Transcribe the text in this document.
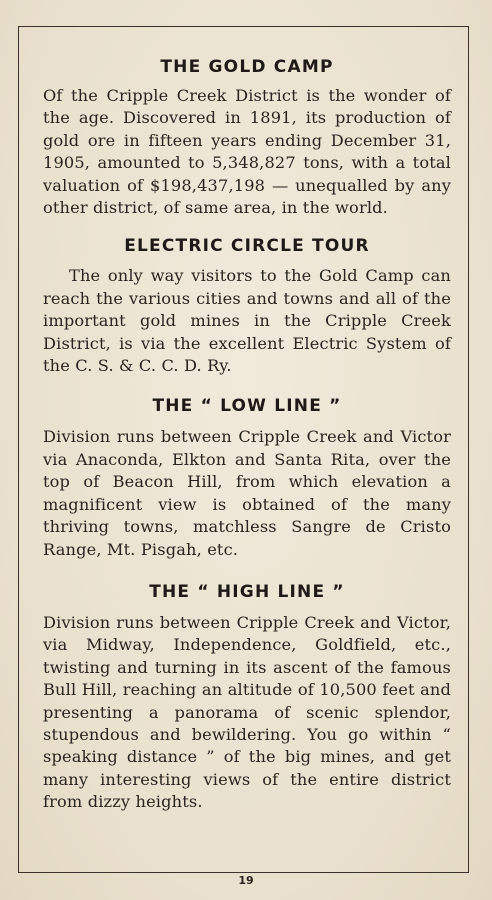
THE GOLD CAMP

Of the Cripple Creek District is the wonder of the age. Discovered in 1891, its production of gold ore in fifteen years ending December 31, 1905, amounted to 5,348,827 tons, with a total valuation of $198,437,198 — unequalled by any other district, of same area, in the world.

ELECTRIC CIRCLE TOUR

The only way visitors to the Gold Camp can reach the various cities and towns and all of the important gold mines in the Cripple Creek District, is via the excellent Electric System of the C. S. & C. C. D. Ry.

THE “ LOW LINE ”

Division runs between Cripple Creek and Victor via Anaconda, Elkton and Santa Rita, over the top of Beacon Hill, from which elevation a magnificent view is obtained of the many thriving towns, matchless Sangre de Cristo Range, Mt. Pisgah, etc.

THE “ HIGH LINE ”

Division runs between Cripple Creek and Victor, via Midway, Independence, Goldfield, etc., twisting and turning in its ascent of the famous Bull Hill, reaching an altitude of 10,500 feet and presenting a panorama of scenic splendor, stupendous and bewildering. You go within “ speaking distance ” of the big mines, and get many interesting views of the entire district from dizzy heights.

19
